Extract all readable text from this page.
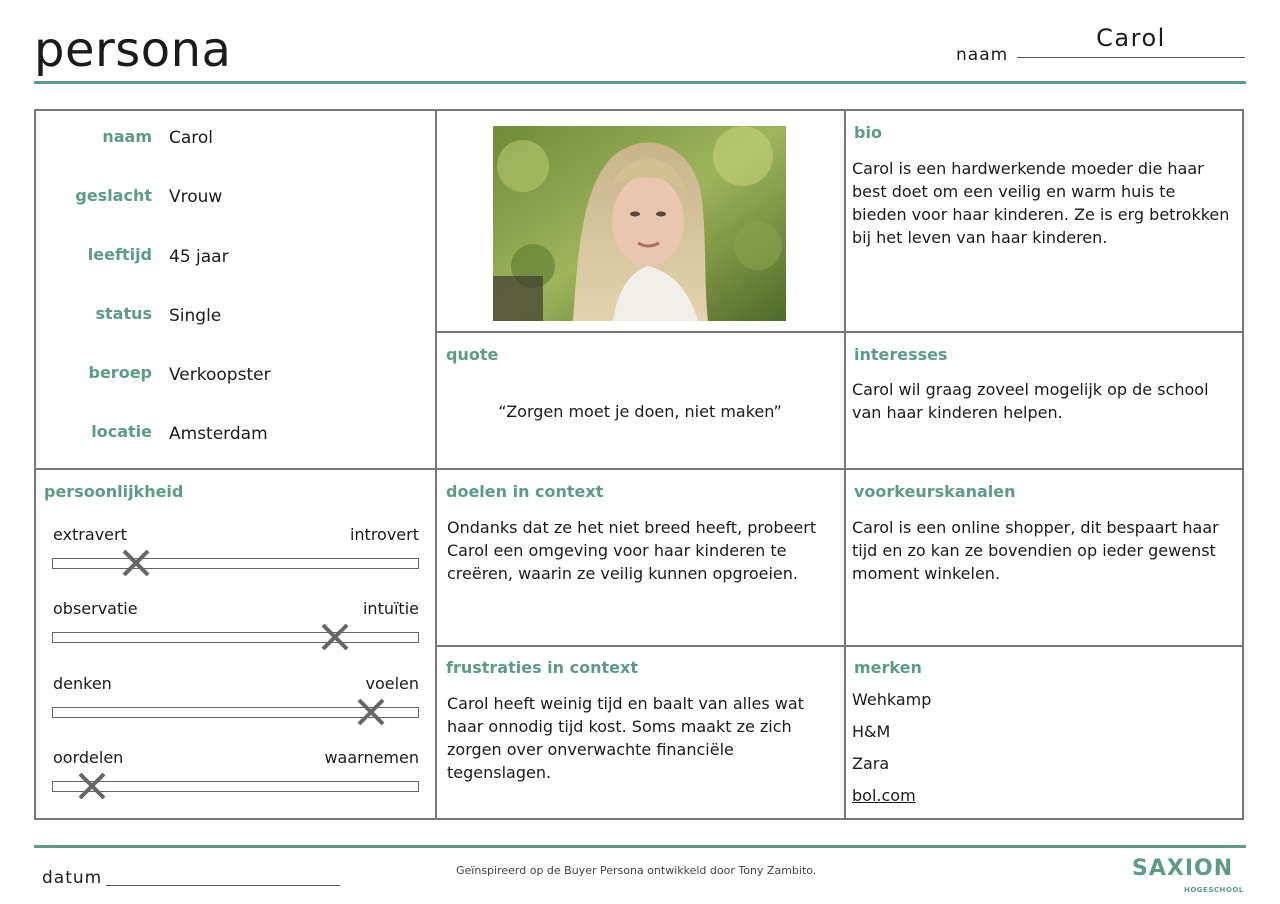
persona	naam
Carol
naam Carol
geslacht Vrouw
leeftijd 45 jaar
status Single
beroep Verkoopster
locatie Amsterdam
bio
Carol is een hardwerkende moeder die haar best doet om een veilig en warm huis te bieden voor haar kinderen. Ze is erg betrokken bij het leven van haar kinderen.
quote
“Zorgen moet je doen, niet maken”
interesses
Carol wil graag zoveel mogelijk op de school van haar kinderen helpen.
persoonlijkheid
extravert	introvert
observatie	intuïtie
denken	voelen
oordelen	waarnemen
doelen in context
Ondanks dat ze het niet breed heeft, probeert Carol een omgeving voor haar kinderen te creëren, waarin ze veilig kunnen opgroeien.
voorkeurskanalen
Carol is een online shopper, dit bespaart haar tijd en zo kan ze bovendien op ieder gewenst moment winkelen.
frustraties in context
Carol heeft weinig tijd en baalt van alles wat haar onnodig tijd kost. Soms maakt ze zich zorgen over onverwachte financiële tegenslagen.
merken
Wehkamp
H&M
Zara
bol.com
datum	Geïnspireerd op de Buyer Persona ontwikkeld door Tony Zambito.	SAXION
HOGESCHOOL
